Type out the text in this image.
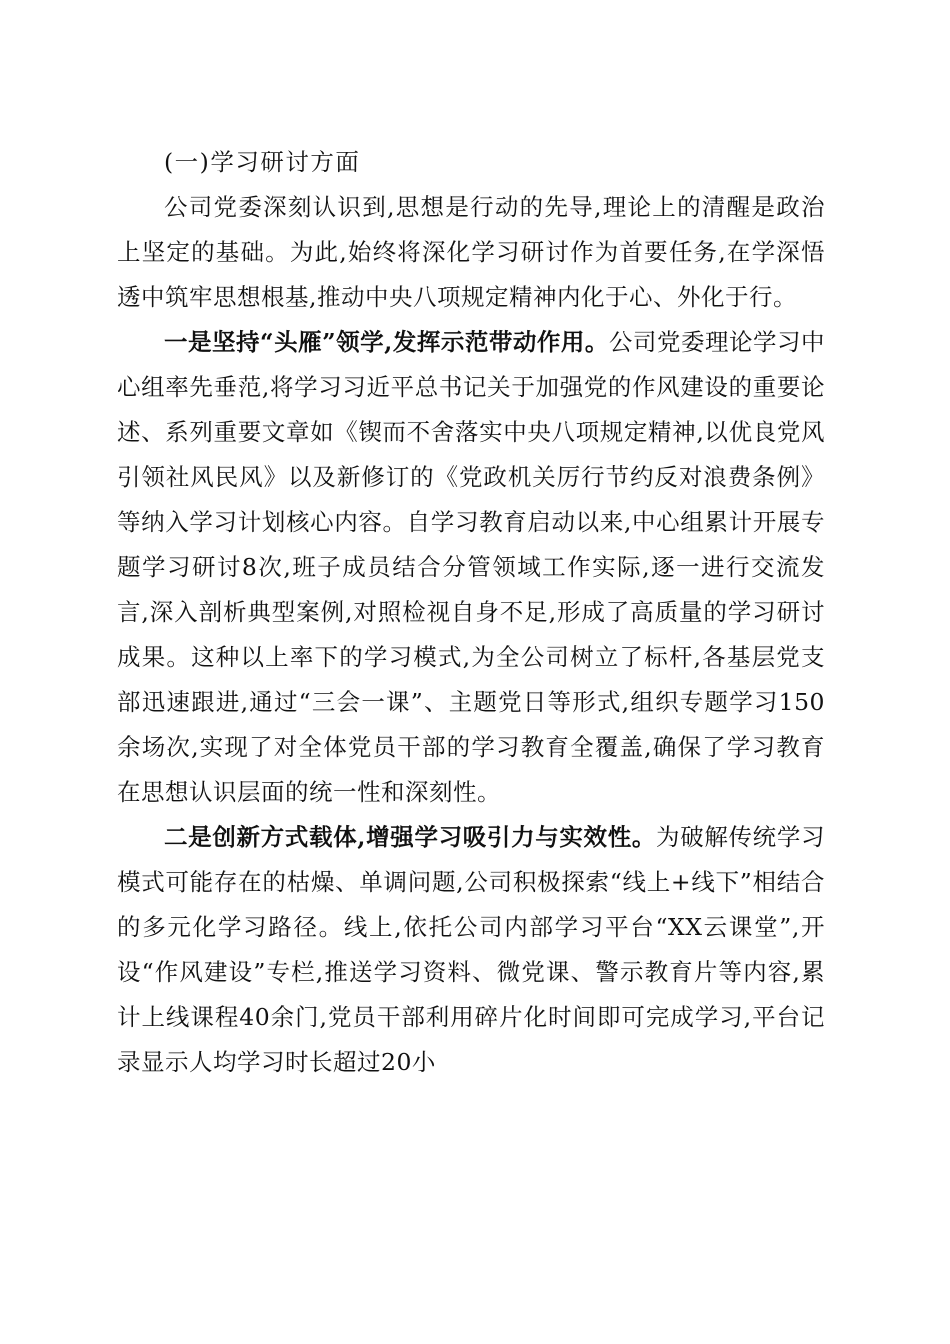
(一)学习研讨方面

公司党委深刻认识到,思想是行动的先导,理论上的清醒是政治上坚定的基础。为此,始终将深化学习研讨作为首要任务,在学深悟透中筑牢思想根基,推动中央八项规定精神内化于心、外化于行。

一是坚持“头雁”领学,发挥示范带动作用。公司党委理论学习中心组率先垂范,将学习习近平总书记关于加强党的作风建设的重要论述、系列重要文章如《锲而不舍落实中央八项规定精神,以优良党风引领社风民风》以及新修订的《党政机关厉行节约反对浪费条例》等纳入学习计划核心内容。自学习教育启动以来,中心组累计开展专题学习研讨8次,班子成员结合分管领域工作实际,逐一进行交流发言,深入剖析典型案例,对照检视自身不足,形成了高质量的学习研讨成果。这种以上率下的学习模式,为全公司树立了标杆,各基层党支部迅速跟进,通过“三会一课”、主题党日等形式,组织专题学习150余场次,实现了对全体党员干部的学习教育全覆盖,确保了学习教育在思想认识层面的统一性和深刻性。

二是创新方式载体,增强学习吸引力与实效性。为破解传统学习模式可能存在的枯燥、单调问题,公司积极探索“线上+线下”相结合的多元化学习路径。线上,依托公司内部学习平台“XX云课堂”,开设“作风建设”专栏,推送学习资料、微党课、警示教育片等内容,累计上线课程40余门,党员干部利用碎片化时间即可完成学习,平台记录显示人均学习时长超过20小
